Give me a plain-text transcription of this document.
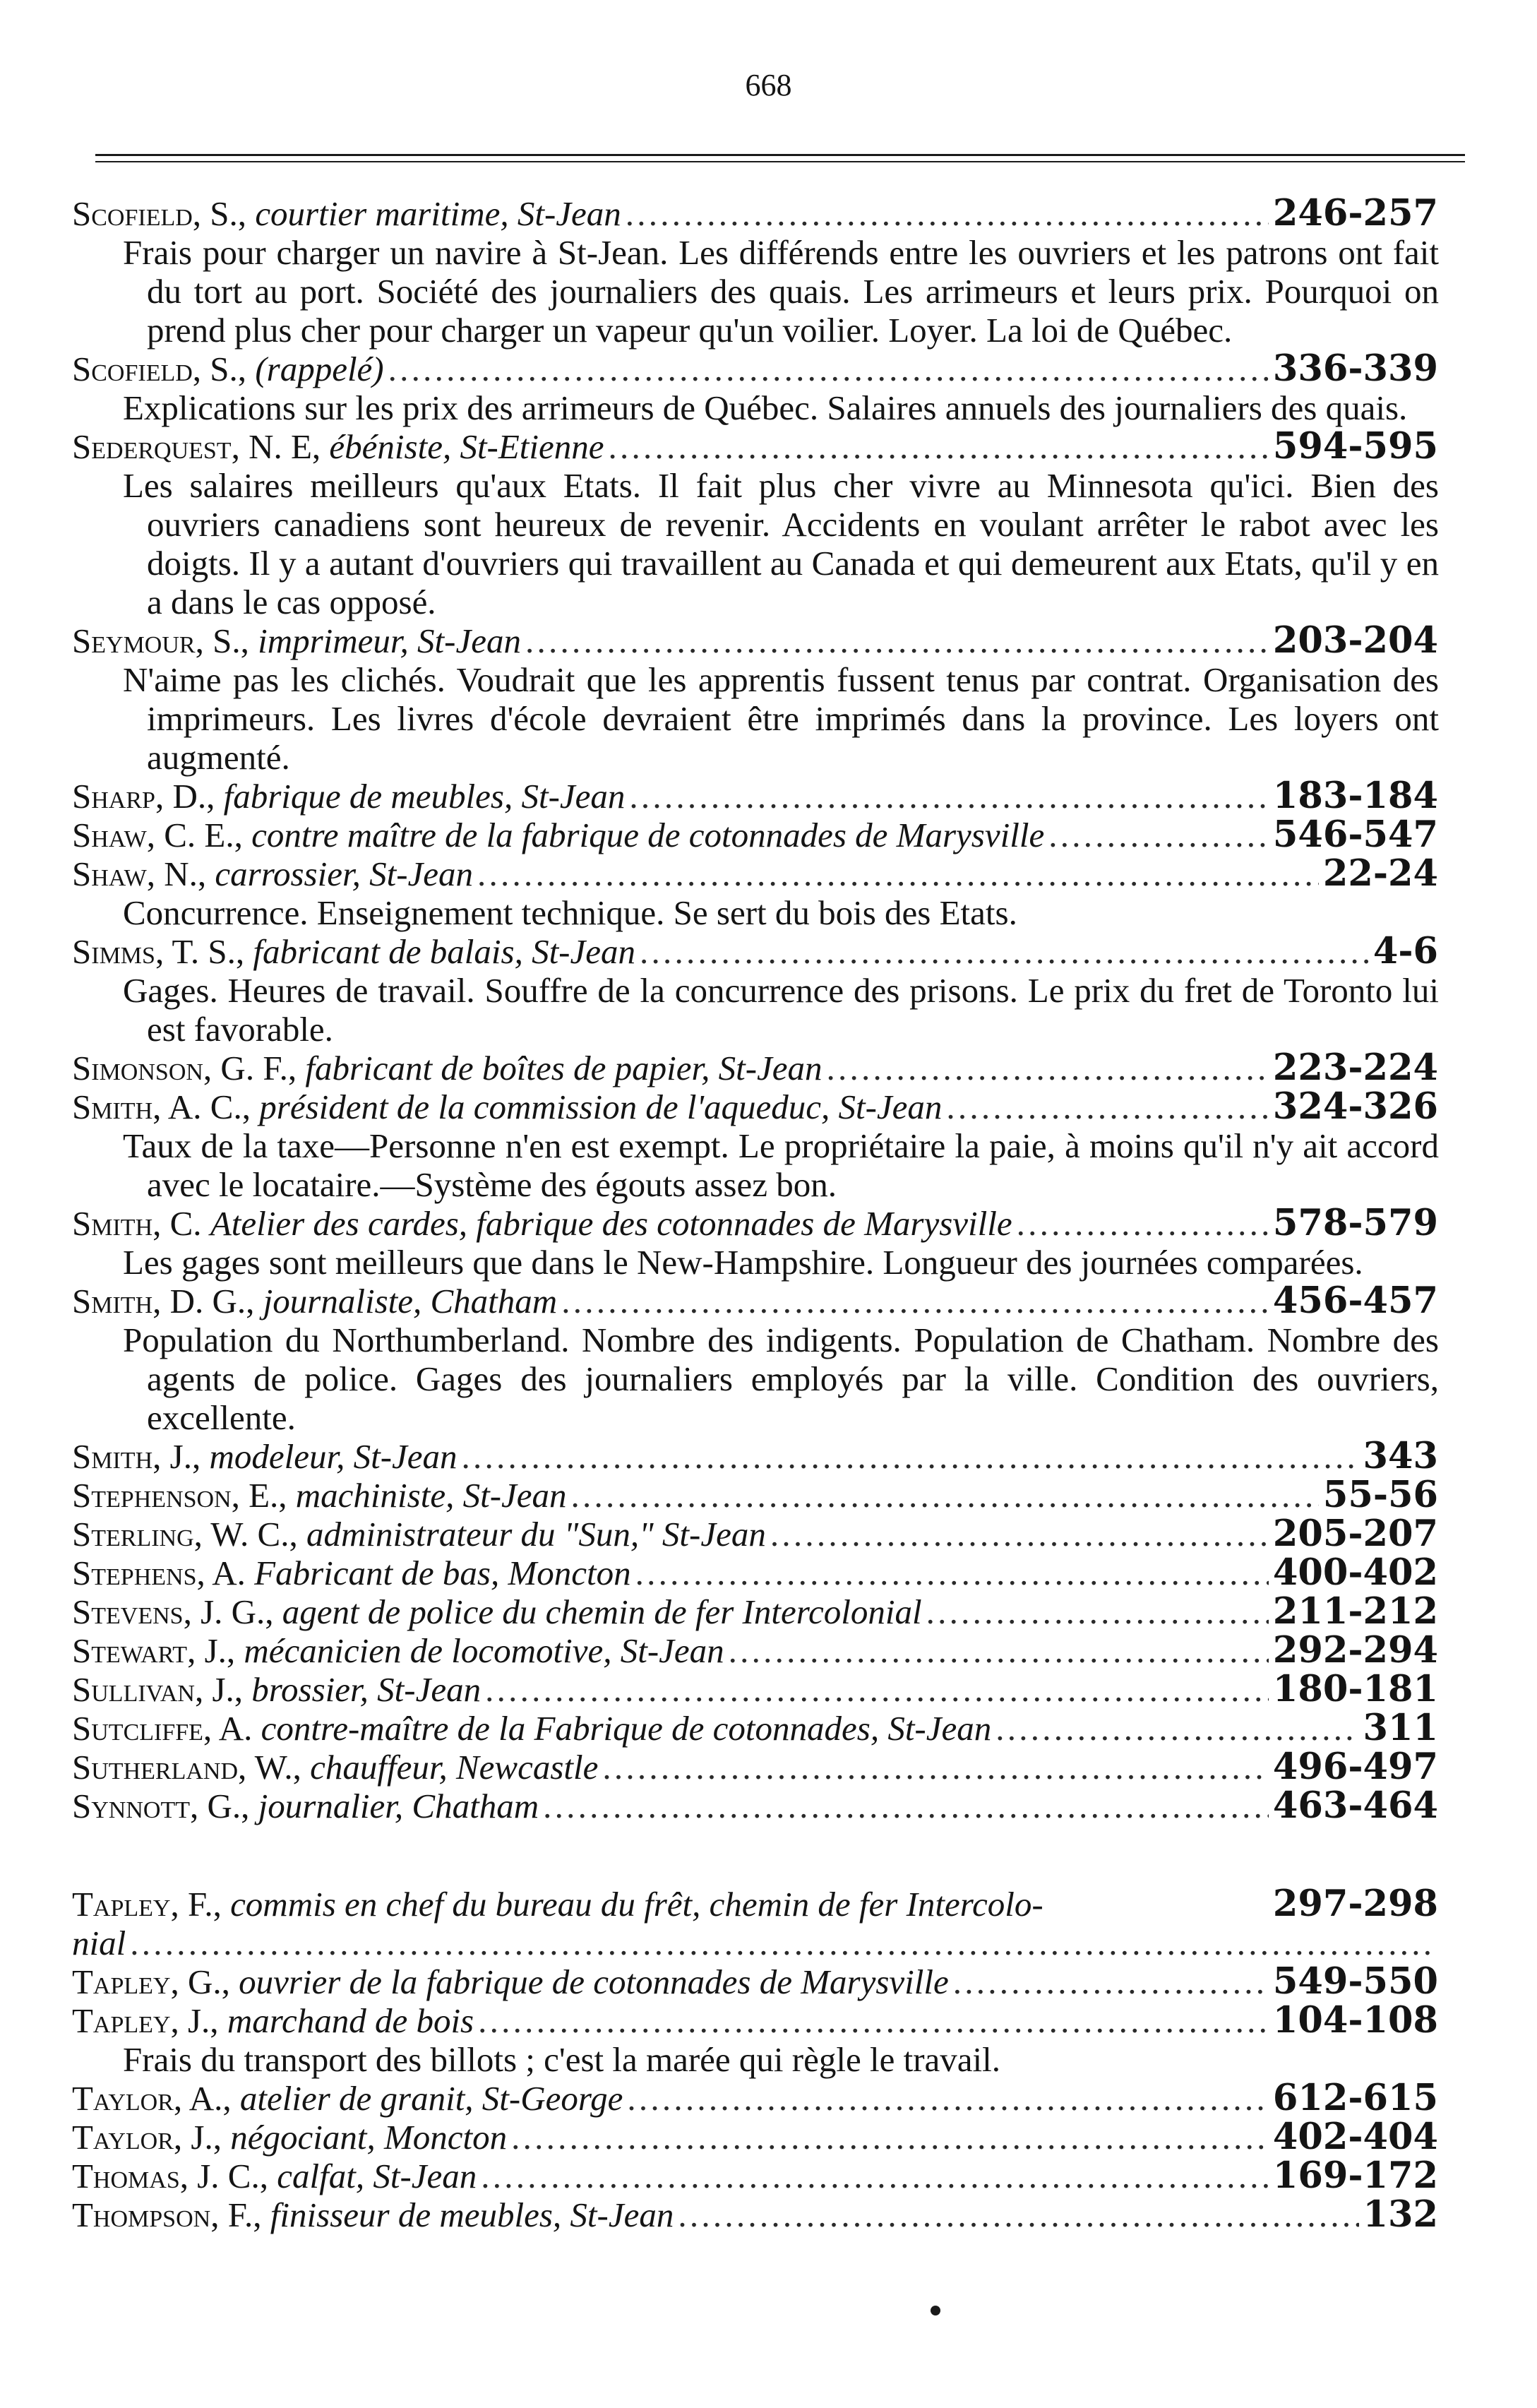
668
Scofield, S.,
courtier maritime, St-Jean . . .	246-257
Frais pour charger un navire à St-Jean. Les différends entre les ouvriers et les patrons ont fait du tort au port. Société des journaliers des quais. Les arrimeurs et leurs prix. Pourquoi on prend plus cher pour charger un vapeur qu'un voilier. Loyer. La loi de Québec.
Scofield, S.,
(rappelé) . . .	336-339
Explications sur les prix des arrimeurs de Québec. Salaires annuels des journaliers des quais.
Sederquest, N. E,
ébéniste, St-Etienne . . .	594-595
Les salaires meilleurs qu'aux Etats. Il fait plus cher vivre au Minnesota qu'ici. Bien des ouvriers canadiens sont heureux de revenir. Accidents en voulant arrêter le rabot avec les doigts. Il y a autant d'ouvriers qui travaillent au Canada et qui demeurent aux Etats, qu'il y en a dans le cas opposé.
Seymour, S.,
imprimeur, St-Jean . . .	203-204
N'aime pas les clichés. Voudrait que les apprentis fussent tenus par contrat. Organisation des imprimeurs. Les livres d'école devraient être imprimés dans la province. Les loyers ont augmenté.
Sharp, D.,
fabrique de meubles, St-Jean . . .	183-184
Shaw, C. E.,
contre maître de la fabrique de cotonnades de Marysville . . .	546-547
Shaw, N.,
carrossier, St-Jean . . .	22-24
Concurrence. Enseignement technique. Se sert du bois des Etats.
Simms, T. S.,
fabricant de balais, St-Jean . . .	4-6
Gages. Heures de travail. Souffre de la concurrence des prisons. Le prix du fret de Toronto lui est favorable.
Simonson, G. F.,
fabricant de boîtes de papier, St-Jean . . .	223-224
Smith, A. C.,
président de la commission de l'aqueduc, St-Jean . . .	324-326
Taux de la taxe—Personne n'en est exempt. Le propriétaire la paie, à moins qu'il n'y ait accord avec le locataire.—Système des égouts assez bon.
Smith, C.
Atelier des cardes, fabrique des cotonnades de Marysville . . .	578-579
Les gages sont meilleurs que dans le New-Hampshire. Longueur des journées comparées.
Smith, D. G.,
journaliste, Chatham . . .	456-457
Population du Northumberland. Nombre des indigents. Population de Chatham. Nombre des agents de police. Gages des journaliers employés par la ville. Condition des ouvriers, excellente.
Smith, J.,
modeleur, St-Jean . . .	343
Stephenson, E.,
machiniste, St-Jean . . .	55-56
Sterling, W. C.,
administrateur du "Sun," St-Jean . . .	205-207
Stephens, A.
Fabricant de bas, Moncton . . .	400-402
Stevens, J. G.,
agent de police du chemin de fer Intercolonial . . .	211-212
Stewart, J.,
mécanicien de locomotive, St-Jean . . .	292-294
Sullivan, J.,
brossier, St-Jean . . .	180-181
Sutcliffe, A.
contre-maître de la Fabrique de cotonnades, St-Jean . . .	311
Sutherland, W.,
chauffeur, Newcastle . . .	496-497
Synnott, G.,
journalier, Chatham . . .	463-464
Tapley, F.,
commis en chef du bureau du frêt, chemin de fer Intercolo-	297-298
nial
. . .
Tapley, G.,
ouvrier de la fabrique de cotonnades de Marysville . . .	549-550
Tapley, J.,
marchand de bois . . .	104-108
Frais du transport des billots ; c'est la marée qui règle le travail.
Taylor, A.,
atelier de granit, St-George . . .	612-615
Taylor, J.,
négociant, Moncton . . .	402-404
Thomas, J. C.,
calfat, St-Jean . . .	169-172
Thompson, F.,
finisseur de meubles, St-Jean . . .	132
